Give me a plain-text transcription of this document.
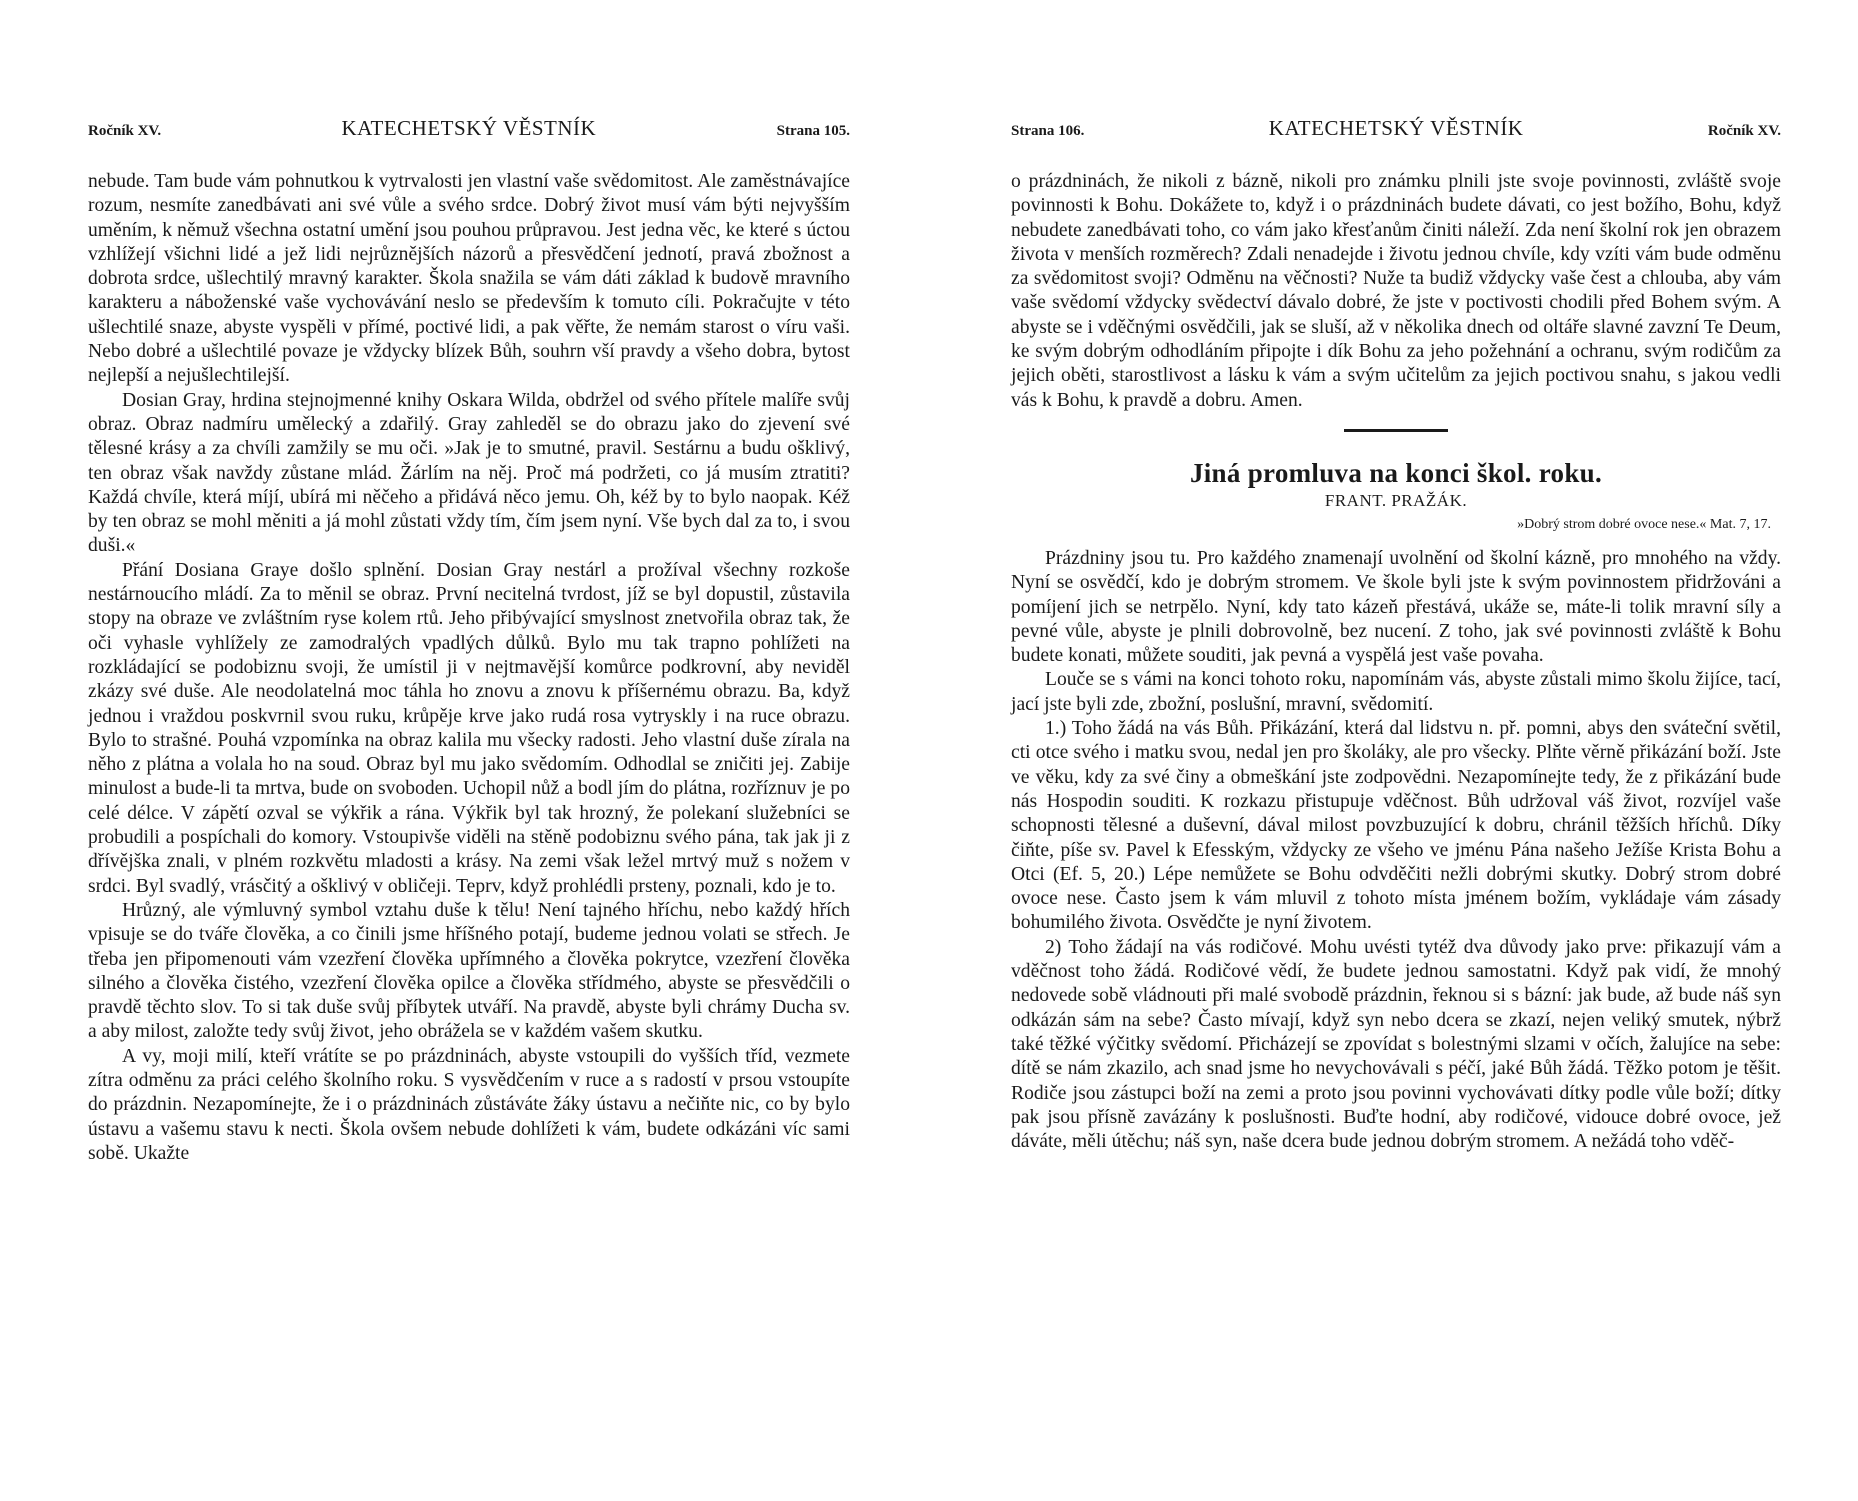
Ročník XV.	KATECHETSKÝ VĚSTNÍK	Strana 105.

nebude. Tam bude vám pohnutkou k vytrvalosti jen vlastní vaše svědomitost. Ale zaměstnávajíce rozum, nesmíte zanedbávati ani své vůle a svého srdce. Dobrý život musí vám býti nejvyšším uměním, k němuž všechna ostatní umění jsou pouhou průpravou. Jest jedna věc, ke které s úctou vzhlížejí všichni lidé a jež lidi nejrůznějších názorů a přesvědčení jednotí, pravá zbožnost a dobrota srdce, ušlechtilý mravný karakter. Škola snažila se vám dáti základ k budově mravního karakteru a náboženské vaše vychovávání neslo se především k tomuto cíli. Pokračujte v této ušlechtilé snaze, abyste vyspěli v přímé, poctivé lidi, a pak věřte, že nemám starost o víru vaši. Nebo dobré a ušlechtilé povaze je vždycky blízek Bůh, souhrn vší pravdy a všeho dobra, bytost nejlepší a nejušlechtilejší.

Dosian Gray, hrdina stejnojmenné knihy Oskara Wilda, obdržel od svého přítele malíře svůj obraz. Obraz nadmíru umělecký a zdařilý. Gray zahleděl se do obrazu jako do zjevení své tělesné krásy a za chvíli zamžily se mu oči. »Jak je to smutné, pravil. Sestárnu a budu ošklivý, ten obraz však navždy zůstane mlád. Žárlím na něj. Proč má podržeti, co já musím ztratiti? Každá chvíle, která míjí, ubírá mi něčeho a přidává něco jemu. Oh, kéž by to bylo naopak. Kéž by ten obraz se mohl měniti a já mohl zůstati vždy tím, čím jsem nyní. Vše bych dal za to, i svou duši.«

Přání Dosiana Graye došlo splnění. Dosian Gray nestárl a prožíval všechny rozkoše nestárnoucího mládí. Za to měnil se obraz. První necitelná tvrdost, jíž se byl dopustil, zůstavila stopy na obraze ve zvláštním ryse kolem rtů. Jeho přibývající smyslnost znetvořila obraz tak, že oči vyhasle vyhlížely ze zamodralých vpadlých důlků. Bylo mu tak trapno pohlížeti na rozkládající se podobiznu svoji, že umístil ji v nejtmavější komůrce podkrovní, aby neviděl zkázy své duše. Ale neodolatelná moc táhla ho znovu a znovu k příšernému obrazu. Ba, když jednou i vraždou poskvrnil svou ruku, krůpěje krve jako rudá rosa vytryskly i na ruce obrazu. Bylo to strašné. Pouhá vzpomínka na obraz kalila mu všecky radosti. Jeho vlastní duše zírala na něho z plátna a volala ho na soud. Obraz byl mu jako svědomím. Odhodlal se zničiti jej. Zabije minulost a bude-li ta mrtva, bude on svoboden. Uchopil nůž a bodl jím do plátna, rozříznuv je po celé délce. V zápětí ozval se výkřik a rána. Výkřik byl tak hrozný, že polekaní služebníci se probudili a pospíchali do komory. Vstoupivše viděli na stěně podobiznu svého pána, tak jak ji z dřívějška znali, v plném rozkvětu mladosti a krásy. Na zemi však ležel mrtvý muž s nožem v srdci. Byl svadlý, vrásčitý a ošklivý v obličeji. Teprv, když prohlédli prsteny, poznali, kdo je to.

Hrůzný, ale výmluvný symbol vztahu duše k tělu! Není tajného hříchu, nebo každý hřích vpisuje se do tváře člověka, a co činili jsme hříšného potají, budeme jednou volati se střech. Je třeba jen připomenouti vám vzezření člověka upřímného a člověka pokrytce, vzezření člověka silného a člověka čistého, vzezření člověka opilce a člověka střídmého, abyste se přesvědčili o pravdě těchto slov. To si tak duše svůj příbytek utváří. Na pravdě, abyste byli chrámy Ducha sv. a aby milost, založte tedy svůj život, jeho obrážela se v každém vašem skutku.

A vy, moji milí, kteří vrátíte se po prázdninách, abyste vstoupili do vyšších tříd, vezmete zítra odměnu za práci celého školního roku. S vysvědčením v ruce a s radostí v prsou vstoupíte do prázdnin. Nezapomínejte, že i o prázdninách zůstáváte žáky ústavu a nečiňte nic, co by bylo ústavu a vašemu stavu k necti. Škola ovšem nebude dohlížeti k vám, budete odkázáni víc sami sobě. Ukažte

Strana 106.	KATECHETSKÝ VĚSTNÍK	Ročník XV.

o prázdninách, že nikoli z bázně, nikoli pro známku plnili jste svoje povinnosti, zvláště svoje povinnosti k Bohu. Dokážete to, když i o prázdninách budete dávati, co jest božího, Bohu, když nebudete zanedbávati toho, co vám jako křesťanům činiti náleží. Zda není školní rok jen obrazem života v menších rozměrech? Zdali nenadejde i životu jednou chvíle, kdy vzíti vám bude odměnu za svědomitost svoji? Odměnu na věčnosti? Nuže ta budiž vždycky vaše čest a chlouba, aby vám vaše svědomí vždycky svědectví dávalo dobré, že jste v poctivosti chodili před Bohem svým. A abyste se i vděčnými osvědčili, jak se sluší, až v několika dnech od oltáře slavné zavzní Te Deum, ke svým dobrým odhodláním připojte i dík Bohu za jeho požehnání a ochranu, svým rodičům za jejich oběti, starostlivost a lásku k vám a svým učitelům za jejich poctivou snahu, s jakou vedli vás k Bohu, k pravdě a dobru. Amen.

Jiná promluva na konci škol. roku.
FRANT. PRAŽÁK.
»Dobrý strom dobré ovoce nese.« Mat. 7, 17.

Prázdniny jsou tu. Pro každého znamenají uvolnění od školní kázně, pro mnohého na vždy. Nyní se osvědčí, kdo je dobrým stromem. Ve škole byli jste k svým povinnostem přidržováni a pomíjení jich se netrpělo. Nyní, kdy tato kázeň přestává, ukáže se, máte-li tolik mravní síly a pevné vůle, abyste je plnili dobrovolně, bez nucení. Z toho, jak své povinnosti zvláště k Bohu budete konati, můžete souditi, jak pevná a vyspělá jest vaše povaha.

Louče se s vámi na konci tohoto roku, napomínám vás, abyste zůstali mimo školu žijíce, tací, jací jste byli zde, zbožní, poslušní, mravní, svědomití.

1.) Toho žádá na vás Bůh. Přikázání, která dal lidstvu n. př. pomni, abys den sváteční světil, cti otce svého i matku svou, nedal jen pro školáky, ale pro všecky. Plňte věrně přikázání boží. Jste ve věku, kdy za své činy a obmeškání jste zodpovědni. Nezapomínejte tedy, že z přikázání bude nás Hospodin souditi. K rozkazu přistupuje vděčnost. Bůh udržoval váš život, rozvíjel vaše schopnosti tělesné a duševní, dával milost povzbuzující k dobru, chránil těžších hříchů. Díky čiňte, píše sv. Pavel k Efesským, vždycky ze všeho ve jménu Pána našeho Ježíše Krista Bohu a Otci (Ef. 5, 20.) Lépe nemůžete se Bohu odvděčiti nežli dobrými skutky. Dobrý strom dobré ovoce nese. Často jsem k vám mluvil z tohoto místa jménem božím, vykládaje vám zásady bohumilého života. Osvědčte je nyní životem.

2) Toho žádají na vás rodičové. Mohu uvésti tytéž dva důvody jako prve: přikazují vám a vděčnost toho žádá. Rodičové vědí, že budete jednou samostatni. Když pak vidí, že mnohý nedovede sobě vládnouti při malé svobodě prázdnin, řeknou si s bázní: jak bude, až bude náš syn odkázán sám na sebe? Často mívají, když syn nebo dcera se zkazí, nejen veliký smutek, nýbrž také těžké výčitky svědomí. Přicházejí se zpovídat s bolestnými slzami v očích, žalujíce na sebe: dítě se nám zkazilo, ach snad jsme ho nevychovávali s péčí, jaké Bůh žádá. Těžko potom je těšit. Rodiče jsou zástupci boží na zemi a proto jsou povinni vychovávati dítky podle vůle boží; dítky pak jsou přísně zavázány k poslušnosti. Buďte hodní, aby rodičové, vidouce dobré ovoce, jež dáváte, měli útěchu; náš syn, naše dcera bude jednou dobrým stromem. A nežádá toho vděč-
